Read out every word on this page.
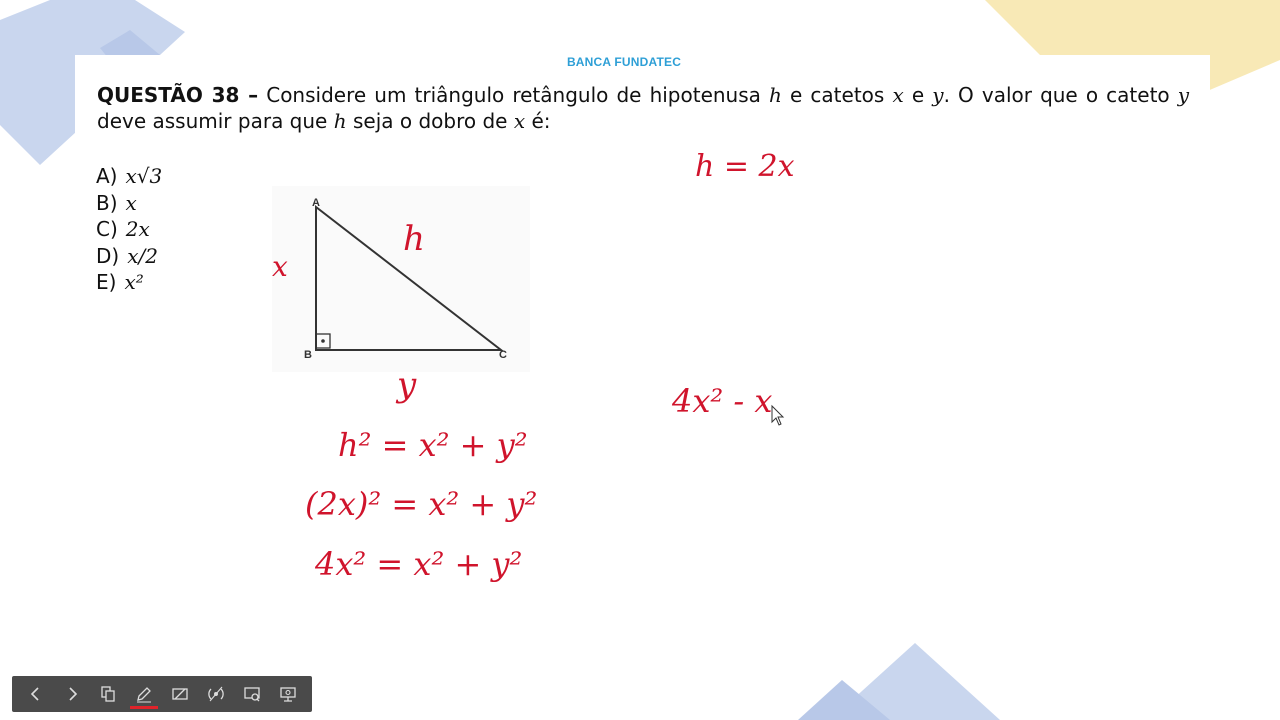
BANCA FUNDATEC
QUESTÃO 38 – Considere um triângulo retângulo de hipotenusa h e catetos x e y. O valor que o cateto y deve assumir para que h seja o dobro de x é:
A) x√3
B) x
C) 2x
D) x/2
E) x²
A
B	C
x
h
y
h = 2x
h² = x² + y²
(2x)² = x² + y²
4x² = x² + y²
4x² - x
